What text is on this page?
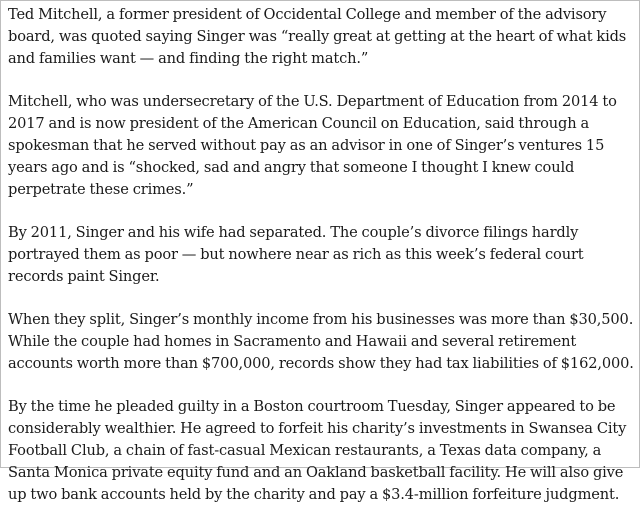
Ted Mitchell, a former president of Occidental College and member of the advisory board, was quoted saying Singer was “really great at getting at the heart of what kids and families want — and finding the right match.”

Mitchell, who was undersecretary of the U.S. Department of Education from 2014 to 2017 and is now president of the American Council on Education, said through a spokesman that he served without pay as an advisor in one of Singer’s ventures 15 years ago and is “shocked, sad and angry that someone I thought I knew could perpetrate these crimes.”

By 2011, Singer and his wife had separated. The couple’s divorce filings hardly portrayed them as poor — but nowhere near as rich as this week’s federal court records paint Singer.

When they split, Singer’s monthly income from his businesses was more than $30,500. While the couple had homes in Sacramento and Hawaii and several retirement accounts worth more than $700,000, records show they had tax liabilities of $162,000.

By the time he pleaded guilty in a Boston courtroom Tuesday, Singer appeared to be considerably wealthier. He agreed to forfeit his charity’s investments in Swansea City Football Club, a chain of fast-casual Mexican restaurants, a Texas data company, a Santa Monica private equity fund and an Oakland basketball facility. He will also give up two bank accounts held by the charity and pay a $3.4-million forfeiture judgment.
